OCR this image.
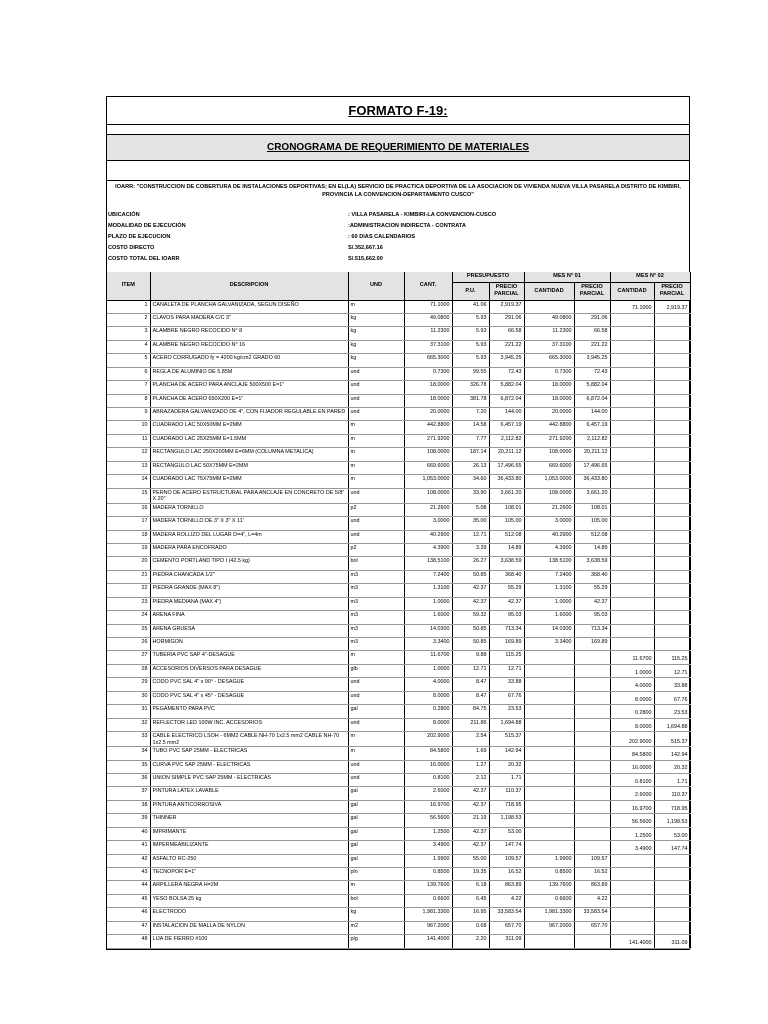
FORMATO F-19:
CRONOGRAMA DE REQUERIMIENTO DE MATERIALES
IOARR: "CONSTRUCCION DE COBERTURA DE INSTALACIONES DEPORTIVAS; EN EL(LA) SERVICIO DE PRACTICA DEPORTIVA DE LA ASOCIACION DE VIVIENDA NUEVA VILLA PASARELA DISTRITO DE KIMBIRI, PROVINCIA LA CONVENCION-DEPARTAMENTO CUSCO"
UBICACIÓN	: VILLA PASARELA - KIMBIRI-LA CONVENCION-CUSCO
MODALIDAD DE EJECUCIÓN	:ADMINISTRACION INDIRECTA - CONTRATA
PLAZO DE EJECUCION	: 60 DIAS CALENDARIOS
COSTO DIRECTO	S/.352,667.16
COSTO TOTAL DEL IOARR	S/.515,662.00
ITEM	DESCRIPCION	UND	CANT.	PRESUPUESTO		MES N° 01		MES N° 02	
				P.U.	PRECIO PARCIAL	CANTIDAD	PRECIO PARCIAL	CANTIDAD	PRECIO PARCIAL
1	CANALETA DE PLANCHA GALVANIZADA, SEGUN DISEÑO	m	71.1000	41.06	2,919.37			71.1000	2,919.37
2	CLAVOS PARA MADERA C/C 3"	kg	49.0800	5.93	291.06	49.0800	291.06		
3	ALAMBRE NEGRO RECOCIDO N° 8	kg	11.2300	5.93	66.58	11.2300	66.58		
4	ALAMBRE NEGRO RECOCIDO N° 16	kg	37.3100	5.93	221.22	37.3100	221.22		
5	ACERO CORRUGADO fy = 4200 kg/cm2 GRADO 60	kg	665.3000	5.93	3,945.25	665.3000	3,945.25		
6	REGLA DE ALUMINIO DE 5.85M	und	0.7300	99.55	72.43	0.7300	72.43		
7	PLANCHA DE ACERO PARA ANCLAJE 500X500 E=1"	und	18.0000	326.78	5,882.04	18.0000	5,882.04		
8	PLANCHA DE ACERO 650X200 E=1"	und	18.0000	381.78	6,872.04	18.0000	6,872.04		
9	ABRAZADERA GALVANIZADO DE 4", CON FIJADOR REGULABLE EN PARED	und	20.0000	7.20	144.00	20.0000	144.00		
10	CUADRADO LAC 50X50MM E=2MM	m	442.8800	14.58	6,457.19	442.8800	6,457.19		
11	CUADRADO LAC 25X25MM E=1.5MM	m	271.9200	7.77	2,112.82	271.9200	2,112.82		
12	RECTANGULO LAC 250X200MM E=6MM (COLUMNA METALICA)	m	108.0000	187.14	20,211.12	108.0000	20,211.12		
13	RECTANGULO LAC 50X75MM E=2MM	m	669.6000	26.13	17,496.65	669.6000	17,496.65		
14	CUADRADO LAC 75X75MM E=2MM	m	1,053.0000	34.60	36,433.80	1,053.0000	36,433.80		
15	PERNO DE ACERO ESTRUCTURAL PARA ANCLAJE EN CONCRETO DE 5/8" X 20"	und	108.0000	33.90	3,661.20	108.0000	3,661.20		
16	MADERA TORNILLO	p2	21.2600	5.08	108.01	21.2600	108.01		
17	MADERA TORNILLO DE 3" X 3" X 11'	und	3.0000	35.00	105.00	3.0000	105.00		
18	MADERA ROLLIZO DEL LUGAR D=4", L=4m	und	40.2900	12.71	512.08	40.2900	512.08		
19	MADERA PARA ENCOFRADO	p2	4.3900	3.39	14.89	4.3900	14.89		
20	CEMENTO PORTLAND TIPO I (42.5 kg)	bol	138.5100	26.27	3,638.59	138.5100	3,638.59		
21	PIEDRA CHANCADA 1/2"	m3	7.2400	50.85	368.40	7.2400	368.40		
22	PIEDRA GRANDE (MAX 8")	m3	1.3100	42.37	55.29	1.3100	55.29		
23	PIEDRA MEDIANA (MAX 4")	m3	1.0000	42.37	42.37	1.0000	42.37		
24	ARENA FINA	m3	1.6000	59.32	95.03	1.6000	95.03		
25	ARENA GRUESA	m3	14.0300	50.85	713.34	14.0300	713.34		
26	HORMIGON	m3	3.3400	50.85	169.89	3.3400	169.89		
27	TUBERIA PVC SAP 4"-DESAGUE	m	11.6700	9.88	115.25			11.6700	115.25
28	ACCESORIOS DIVERSOS PARA DESAGUE	glb	1.0000	12.71	12.71			1.0000	12.71
29	CODO PVC SAL 4" x 90° - DESAGUE	und	4.0000	8.47	33.88			4.0000	33.88
30	CODO PVC SAL 4" x 45° - DESAGUE	und	8.0000	8.47	67.76			8.0000	67.76
31	PEGAMENTO PARA PVC	gal	0.2800	84.75	23.53			0.2800	23.53
32	REFLECTOR LED 100W INC. ACCESORIOS	und	8.0000	211.86	1,694.88			8.0000	1,694.88
33	CABLE ELECTRICO LSOH - 6MM2 CABLE NH-70 1x2.5 mm2 CABLE NH-70 1x2.5 mm2	m	202.9000	2.54	515.37			202.9000	515.37
34	TUBO PVC SAP 25MM - ELECTRICAS	m	84.5800	1.69	142.94			84.5800	142.94
35	CURVA PVC SAP 25MM - ELECTRICAS	und	16.0000	1.27	20.32			16.0000	20.32
36	UNION SIMPLE PVC SAP 25MM - ELECTRICAS	und	0.8100	2.12	1.71			0.8100	1.71
37	PINTURA LATEX LAVABLE	gal	2.6000	42.37	110.37			2.6000	110.37
38	PINTURA ANTICORROSIVA	gal	16.9700	42.37	718.95			16.9700	718.95
39	THINNER	gal	56.5600	21.19	1,198.53			56.5600	1,198.53
40	IMPRIMANTE	gal	1.2500	42.37	53.00			1.2500	53.00
41	IMPERMEABILIZANTE	gal	3.4900	42.37	147.74			3.4900	147.74
42	ASFALTO RC-250	gal	1.9900	55.00	109.57	1.9900	109.57		
43	TECNOPOR E=1"	pln	0.8500	19.35	16.52	0.8500	16.52		
44	ARPILLERA NEGRA H=2M	m	139.7600	6.18	863.89	139.7600	863.89		
45	YESO BOLSA 25 kg	bol	0.6600	6.45	4.22	0.6600	4.22		
46	ELECTRODO	kg	1,981.3300	16.95	33,583.54	1,981.3300	33,583.54		
47	INSTALACION DE MALLA DE NYLON	m2	967.2000	0.68	657.70	967.2000	657.70		
48	LIJA DE FIERRO #100	plg	141.4000	2.20	311.09			141.4000	311.09
